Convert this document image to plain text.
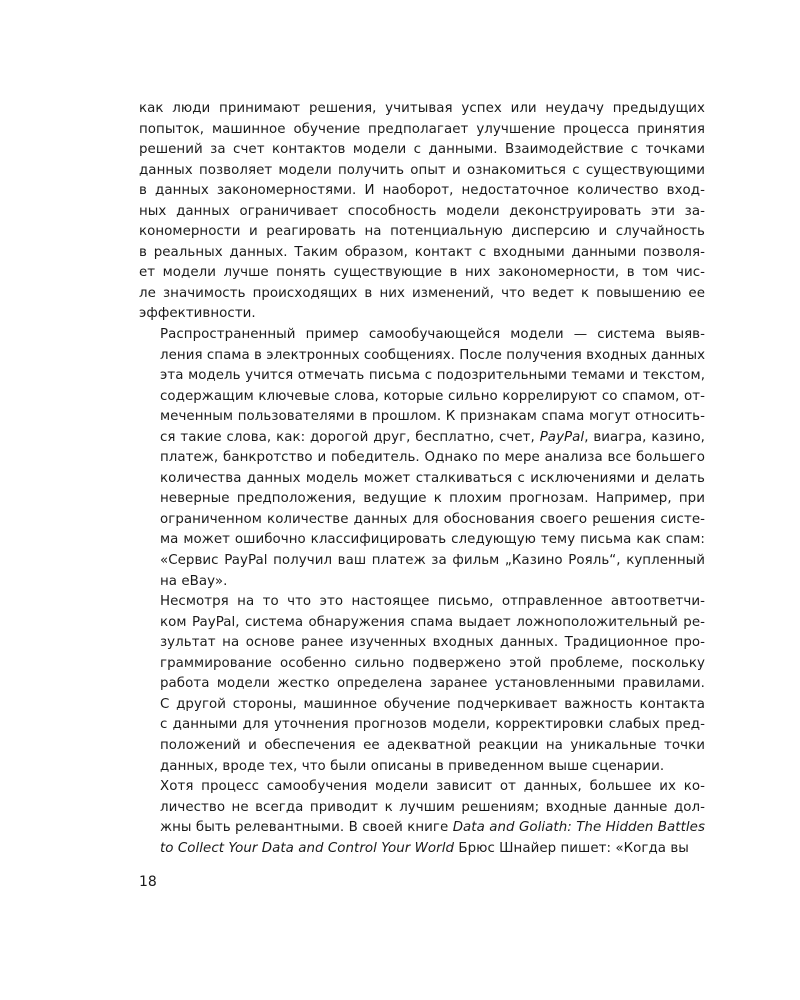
как люди принимают решения, учитывая успех или неудачу предыдущих
попыток, машинное обучение предполагает улучшение процесса принятия
решений за счет контактов модели с данными. Взаимодействие с точками
данных позволяет модели получить опыт и ознакомиться с существующими
в данных закономерностями. И наоборот, недостаточное количество вход-
ных данных ограничивает способность модели деконструировать эти за-
кономерности и реагировать на потенциальную дисперсию и случайность
в реальных данных. Таким образом, контакт с входными данными позволя-
ет модели лучше понять существующие в них закономерности, в том чис-
ле значимость происходящих в них изменений, что ведет к повышению ее
эффективности.

Распространенный пример самообучающейся модели — система выяв-
ления спама в электронных сообщениях. После получения входных данных
эта модель учится отмечать письма с подозрительными темами и текстом,
содержащим ключевые слова, которые сильно коррелируют со спамом, от-
меченным пользователями в прошлом. К признакам спама могут относить-
ся такие слова, как: дорогой друг, бесплатно, счет, PayPal, виагра, казино,
платеж, банкротство и победитель. Однако по мере анализа все большего
количества данных модель может сталкиваться с исключениями и делать
неверные предположения, ведущие к плохим прогнозам. Например, при
ограниченном количестве данных для обоснования своего решения систе-
ма может ошибочно классифицировать следующую тему письма как спам:
«Сервис PayPal получил ваш платеж за фильм „Казино Рояль“, купленный
на eBay».

Несмотря на то что это настоящее письмо, отправленное автоответчи-
ком PayPal, система обнаружения спама выдает ложноположительный ре-
зультат на основе ранее изученных входных данных. Традиционное про-
граммирование особенно сильно подвержено этой проблеме, поскольку
работа модели жестко определена заранее установленными правилами.
С другой стороны, машинное обучение подчеркивает важность контакта
с данными для уточнения прогнозов модели, корректировки слабых пред-
положений и обеспечения ее адекватной реакции на уникальные точки
данных, вроде тех, что были описаны в приведенном выше сценарии.

Хотя процесс самообучения модели зависит от данных, большее их ко-
личество не всегда приводит к лучшим решениям; входные данные дол-
жны быть релевантными. В своей книге Data and Goliath: The Hidden Battles
to Collect Your Data and Control Your World Брюс Шнайер пишет: «Когда вы

18
